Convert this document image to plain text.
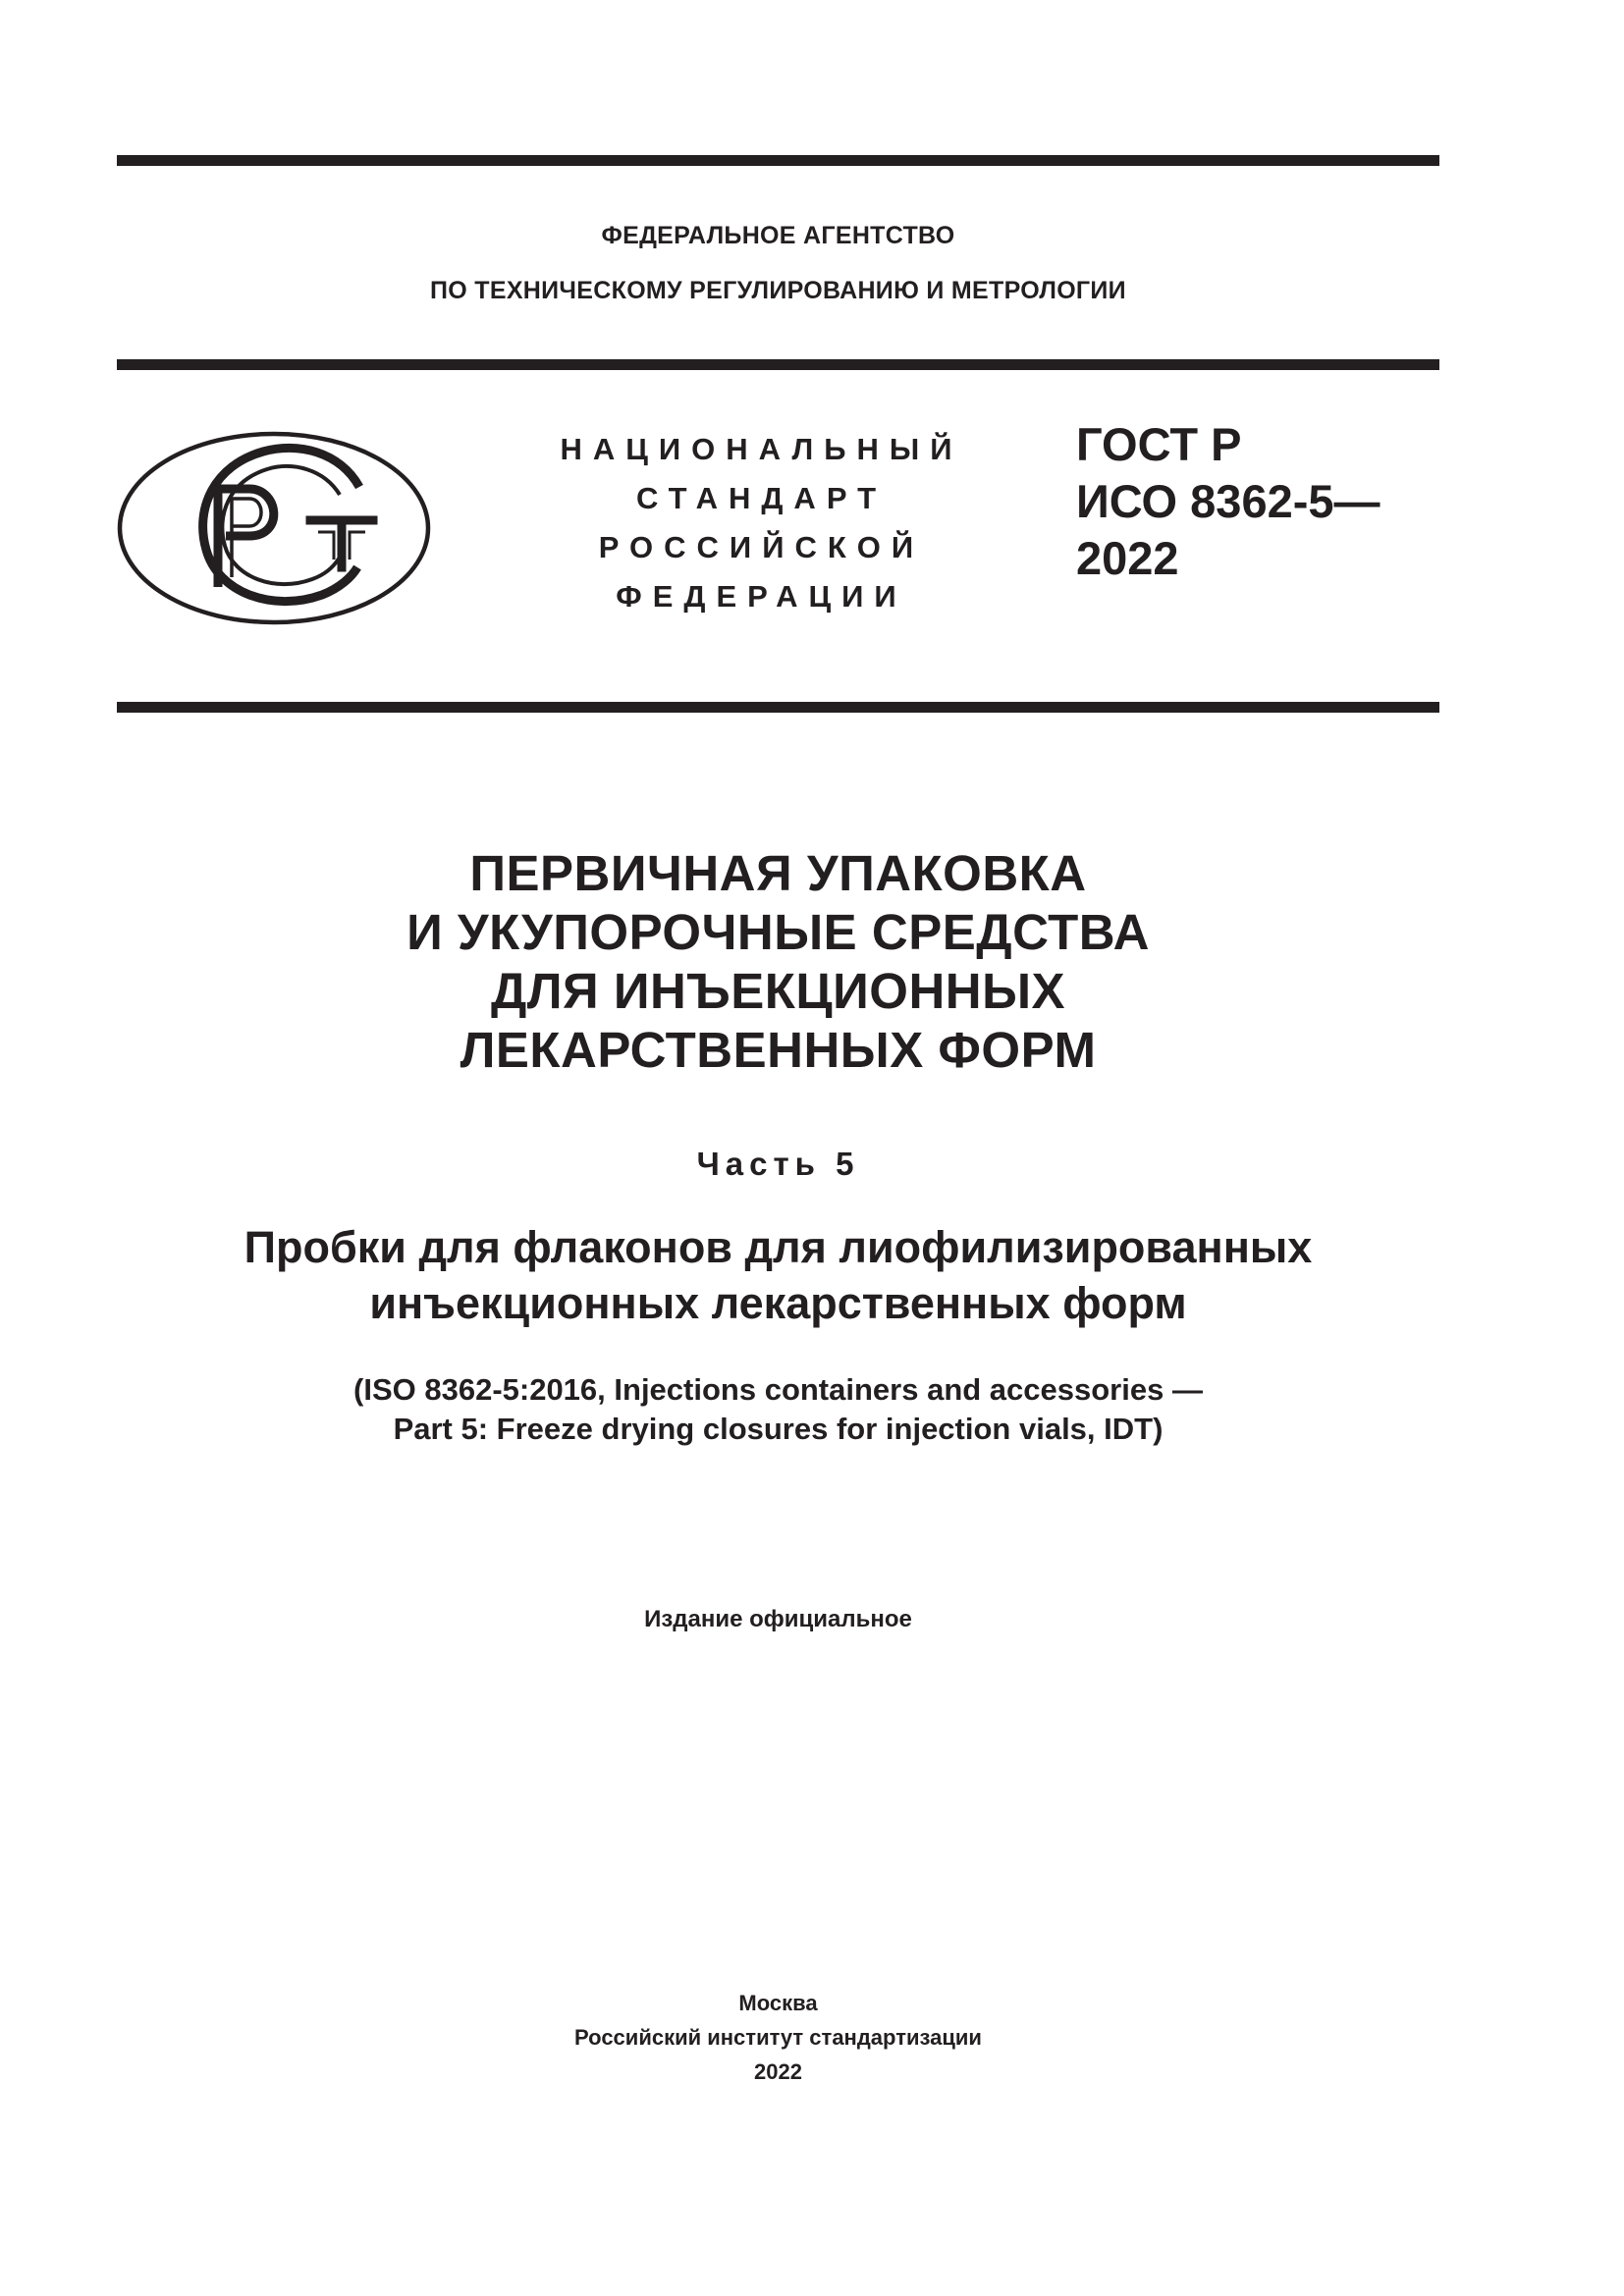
ФЕДЕРАЛЬНОЕ АГЕНТСТВО

ПО ТЕХНИЧЕСКОМУ РЕГУЛИРОВАНИЮ И МЕТРОЛОГИИ

НАЦИОНАЛЬНЫЙ
СТАНДАРТ
РОССИЙСКОЙ
ФЕДЕРАЦИИ
ГОСТ Р
ИСО 8362-5—
2022
ПЕРВИЧНАЯ УПАКОВКА
И УКУПОРОЧНЫЕ СРЕДСТВА
ДЛЯ ИНЪЕКЦИОННЫХ
ЛЕКАРСТВЕННЫХ ФОРМ
Часть 5
Пробки для флаконов для лиофилизированных
инъекционных лекарственных форм
(ISO 8362-5:2016, Injections containers and accessories —
Part 5: Freeze drying closures for injection vials, IDT)
Издание официальное
Москва
Российский институт стандартизации
2022
